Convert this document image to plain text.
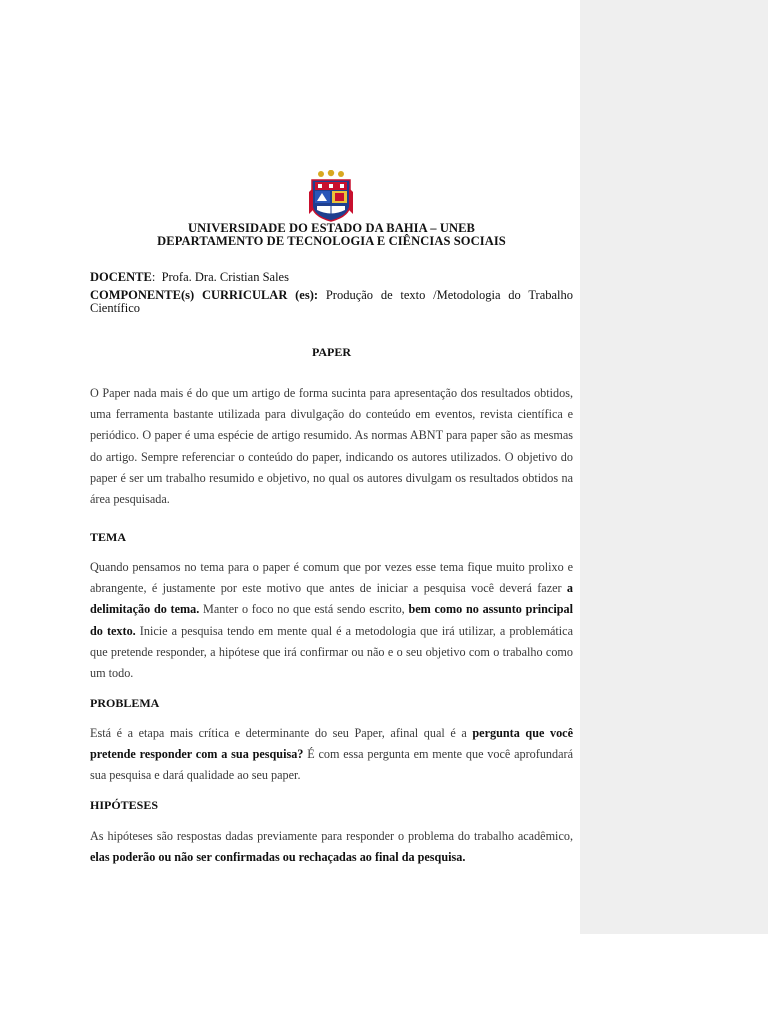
UNIVERSIDADE DO ESTADO DA BAHIA – UNEB
DEPARTAMENTO DE TECNOLOGIA E CIÊNCIAS SOCIAIS
DOCENTE:  Profa. Dra. Cristian Sales
COMPONENTE(s) CURRICULAR (es): Produção de texto /Metodologia do Trabalho Científico
PAPER
O Paper nada mais é do que um artigo de forma sucinta para apresentação dos resultados obtidos, uma ferramenta bastante utilizada para divulgação do conteúdo em eventos, revista científica e periódico. O paper é uma espécie de artigo resumido. As normas ABNT para paper são as mesmas do artigo. Sempre referenciar o conteúdo do paper, indicando os autores utilizados. O objetivo do paper é ser um trabalho resumido e objetivo, no qual os autores divulgam os resultados obtidos na área pesquisada.
TEMA
Quando pensamos no tema para o paper é comum que por vezes esse tema fique muito prolixo e abrangente, é justamente por este motivo que antes de iniciar a pesquisa você deverá fazer a delimitação do tema. Manter o foco no que está sendo escrito, bem como no assunto principal do texto. Inicie a pesquisa tendo em mente qual é a metodologia que irá utilizar, a problemática que pretende responder, a hipótese que irá confirmar ou não e o seu objetivo com o trabalho como um todo.
PROBLEMA
Está é a etapa mais crítica e determinante do seu Paper, afinal qual é a pergunta que você pretende responder com a sua pesquisa? É com essa pergunta em mente que você aprofundará sua pesquisa e dará qualidade ao seu paper.
HIPÓTESES
As hipóteses são respostas dadas previamente para responder o problema do trabalho acadêmico, elas poderão ou não ser confirmadas ou rechaçadas ao final da pesquisa.
